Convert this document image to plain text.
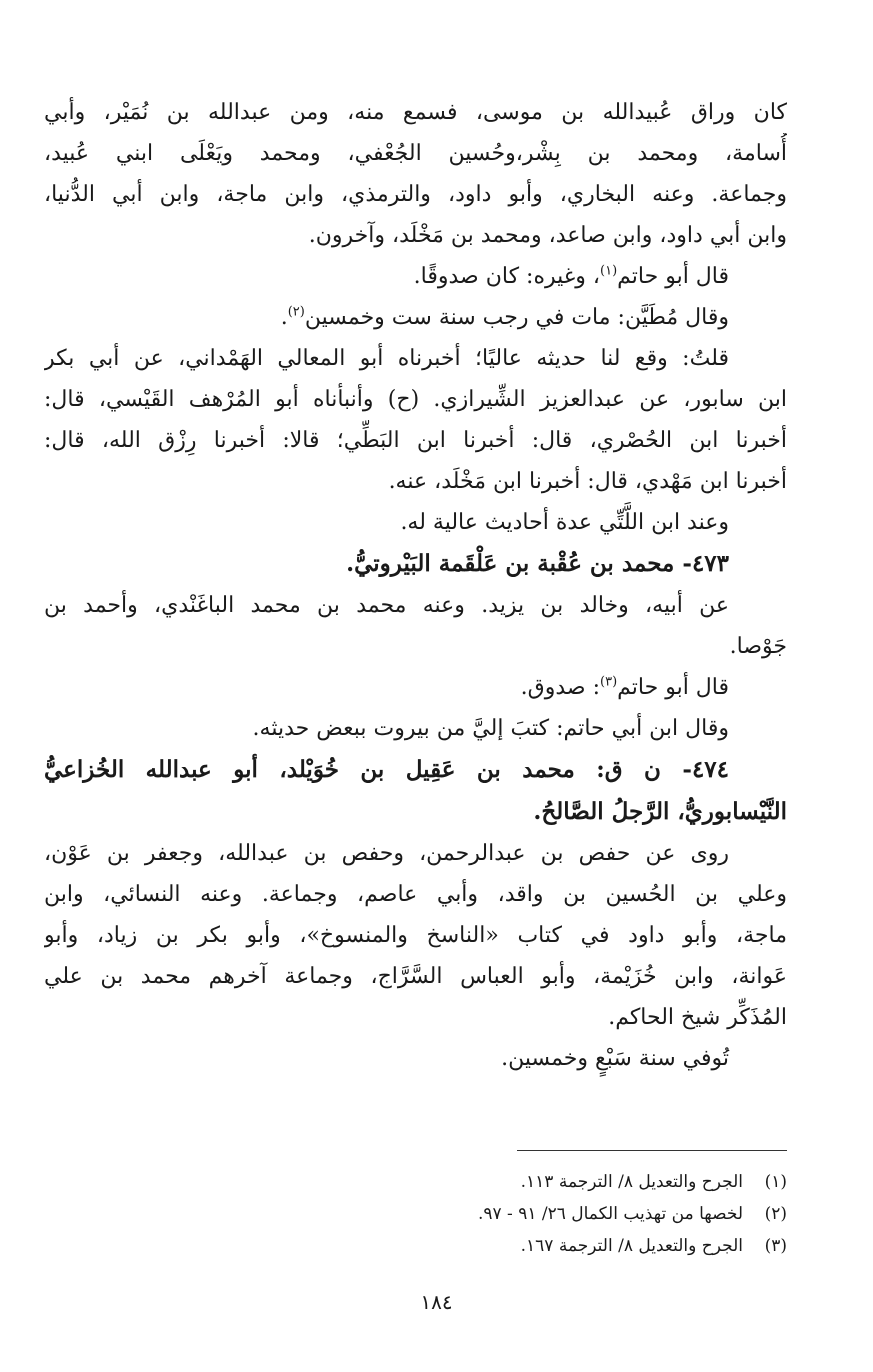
كان وراق عُبيدالله بن موسى، فسمع منه، ومن عبدالله بن نُمَيْر، وأبي
أُسامة، ومحمد بن بِشْر،وحُسين الجُعْفي، ومحمد ويَعْلَى ابني عُبيد،
وجماعة. وعنه البخاري، وأبو داود، والترمذي، وابن ماجة، وابن أبي الدُّنيا،
وابن أبي داود، وابن صاعد، ومحمد بن مَخْلَد، وآخرون.
قال أبو حاتم$^{(١)}$، وغيره: كان صدوقًا.
وقال مُطَيَّن: مات في رجب سنة ست وخمسين$^{(٢)}$.
قلتُ: وقع لنا حديثه عاليًا؛ أخبرناه أبو المعالي الهَمْداني، عن أبي بكر
ابن سابور، عن عبدالعزيز الشِّيرازي. (ح) وأنبأناه أبو المُرْهف القَيْسي، قال:
أخبرنا ابن الحُصْري، قال: أخبرنا ابن البَطِّي؛ قالا: أخبرنا رِزْق الله، قال:
أخبرنا ابن مَهْدي، قال: أخبرنا ابن مَخْلَد، عنه.
وعند ابن اللَّتِّي عدة أحاديث عالية له.
٤٧٣- محمد بن عُقْبة بن عَلْقَمة البَيْروتيُّ.
عن أبيه، وخالد بن يزيد. وعنه محمد بن محمد الباغَنْدي، وأحمد بن
جَوْصا.
قال أبو حاتم$^{(٣)}$: صدوق.
وقال ابن أبي حاتم: كتبَ إليَّ من بيروت ببعض حديثه.
٤٧٤- ن ق: محمد بن عَقِيل بن خُوَيْلد، أبو عبدالله الخُزاعيُّ
النَّيْسابوريُّ، الرَّجلُ الصَّالحُ.
روى عن حفص بن عبدالرحمن، وحفص بن عبدالله، وجعفر بن عَوْن،
وعلي بن الحُسين بن واقد، وأبي عاصم، وجماعة. وعنه النسائي، وابن
ماجة، وأبو داود في كتاب «الناسخ والمنسوخ»، وأبو بكر بن زياد، وأبو
عَوانة، وابن خُزَيْمة، وأبو العباس السَّرَّاج، وجماعة آخرهم محمد بن علي
المُذَكِّر شيخ الحاكم.
تُوفي سنة سَبْعٍ وخمسين.
(١)الجرح والتعديل ٨/ الترجمة ١١٣.
(٢)لخصها من تهذيب الكمال ٢٦/ ٩١ - ٩٧.
(٣)الجرح والتعديل ٨/ الترجمة ١٦٧.
١٨٤
